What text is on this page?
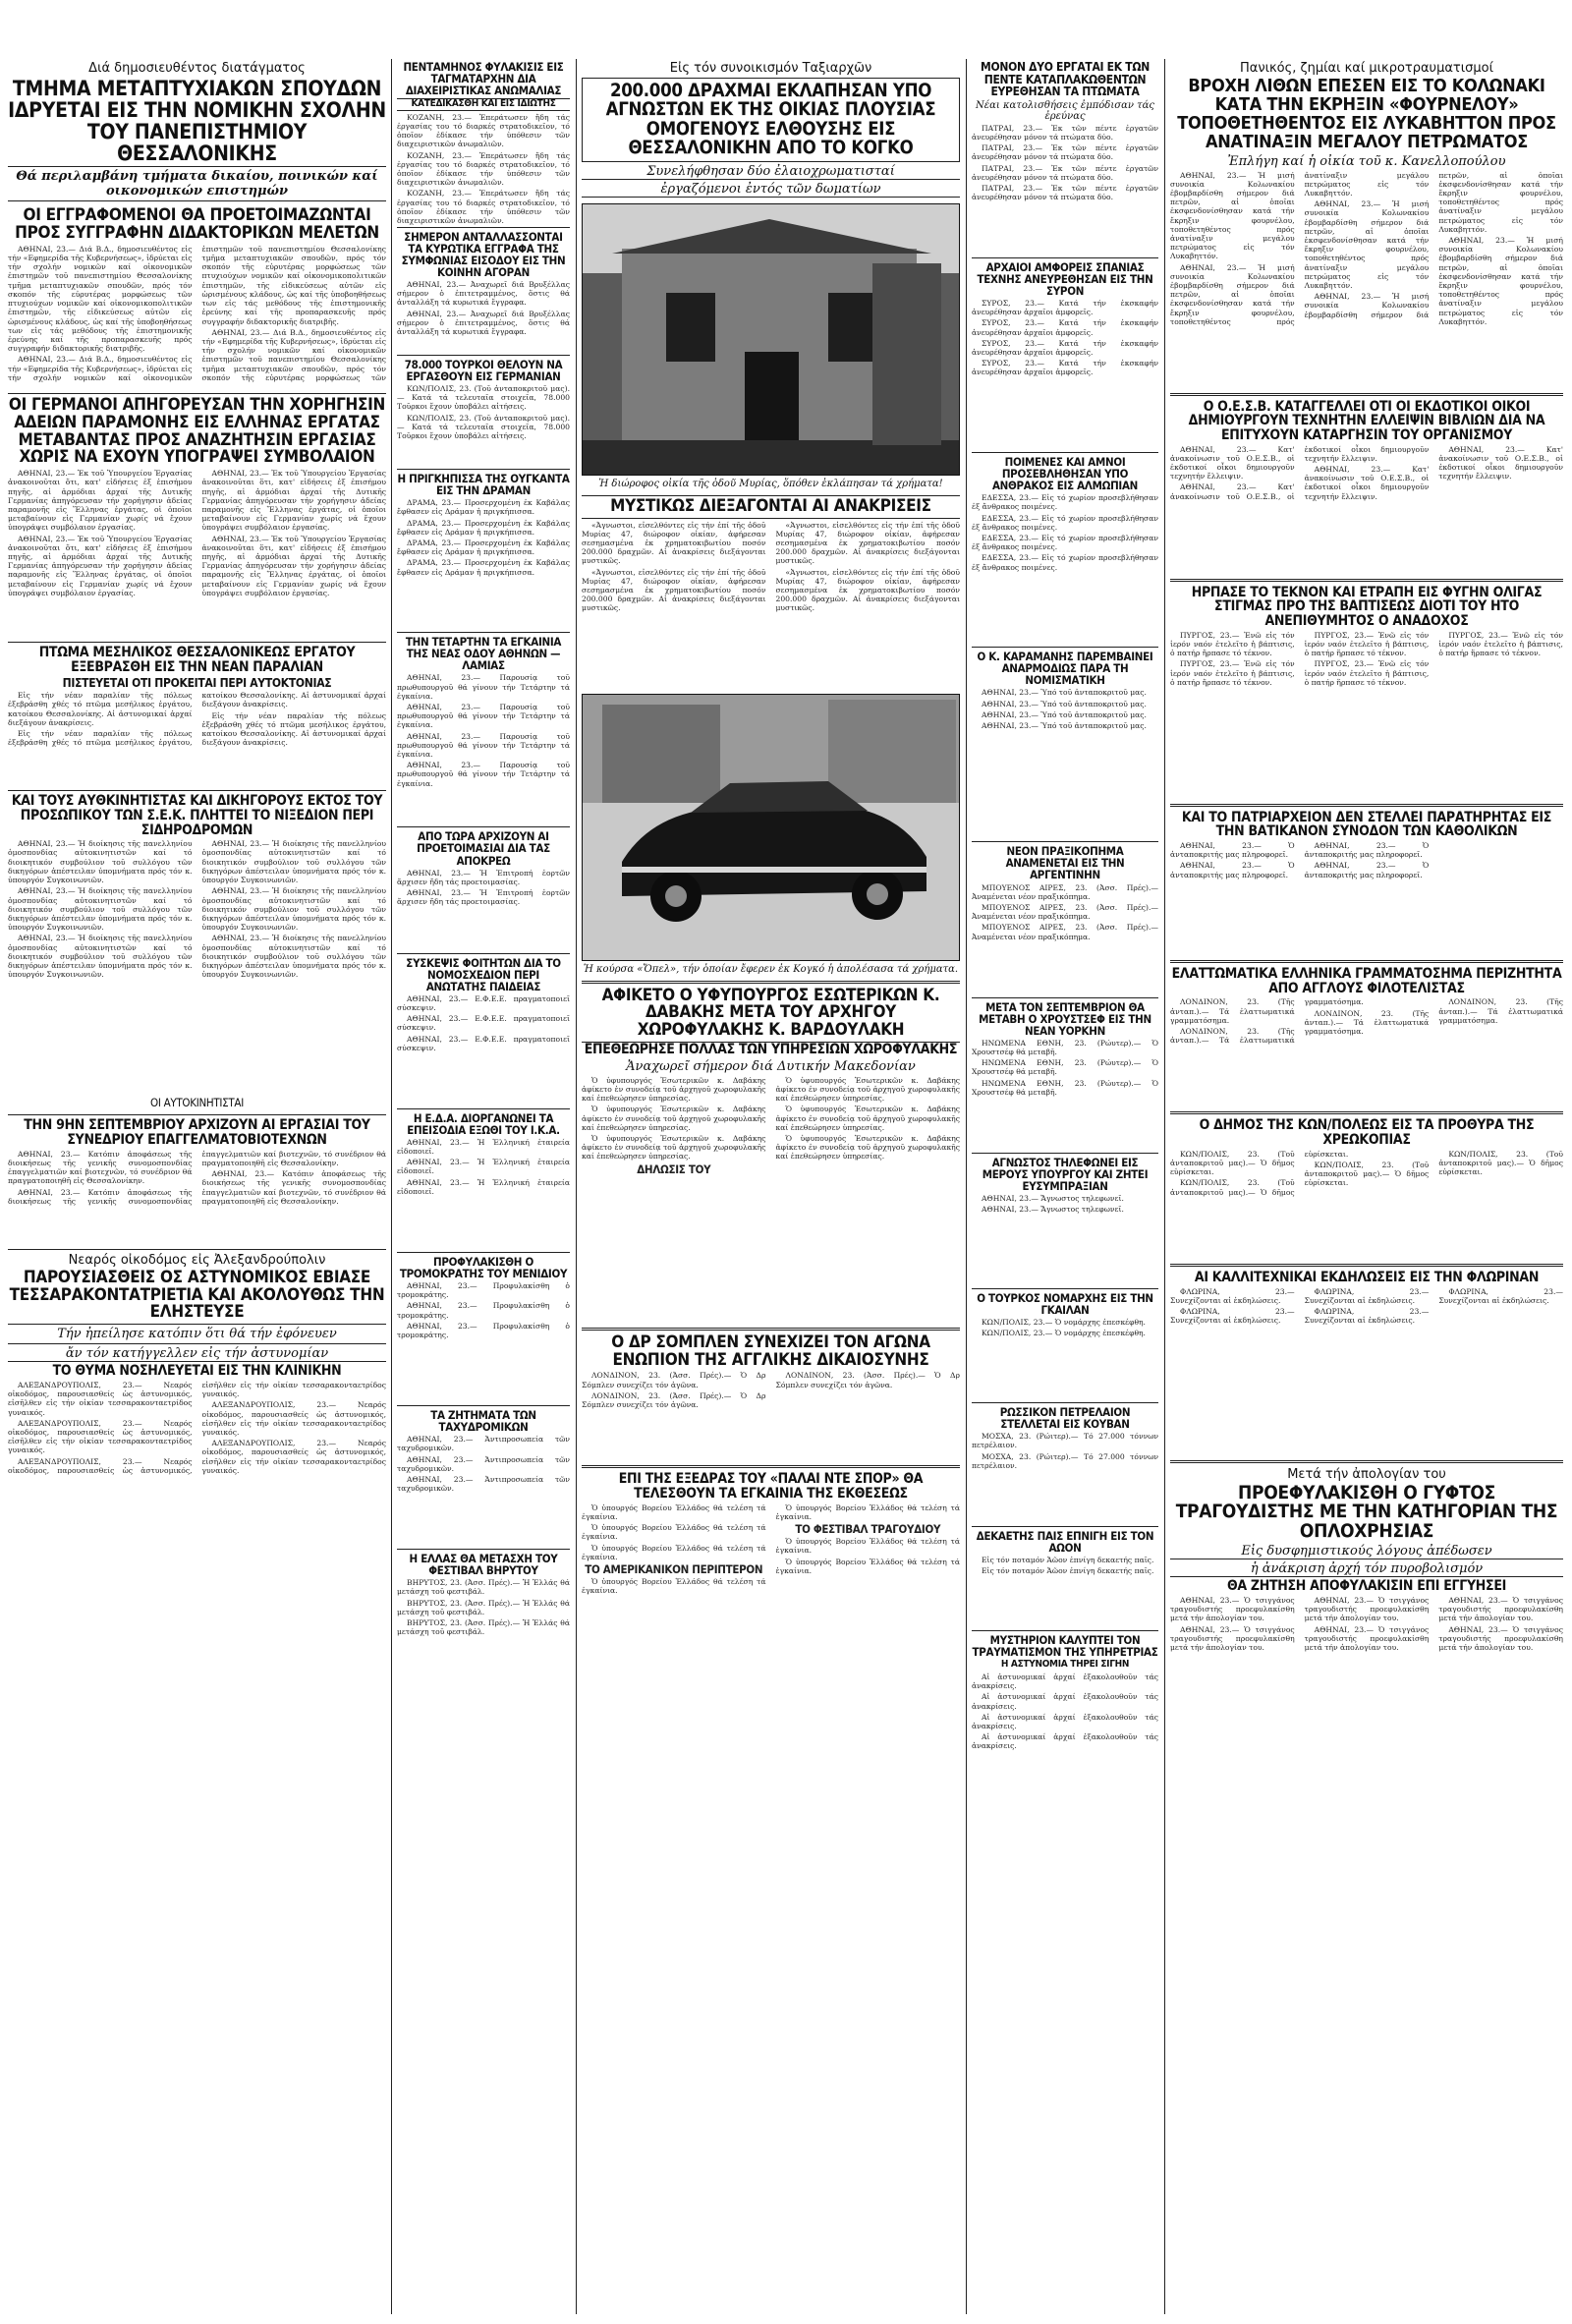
Διά δημοσιευθέντος διατάγματος
ΤΜΗΜΑ ΜΕΤΑΠΤΥΧΙΑΚΩΝ ΣΠΟΥΔΩΝ ΙΔΡΥΕΤΑΙ ΕΙΣ ΤΗΝ ΝΟΜΙΚΗΝ ΣΧΟΛΗΝ ΤΟΥ ΠΑΝΕΠΙΣΤΗΜΙΟΥ ΘΕΣΣΑΛΟΝΙΚΗΣ
Θά περιλαμβάνη τμήματα δικαίου, ποινικών καί οικονομικών επιστημών
ΟΙ ΕΓΓΡΑΦΟΜΕΝΟΙ ΘΑ ΠΡΟΕΤΟΙΜΑΖΩΝΤΑΙ ΠΡΟΣ ΣΥΓΓΡΑΦΗΝ ΔΙΔΑΚΤΟΡΙΚΩΝ ΜΕΛΕΤΩΝ

ΑΘΗΝΑΙ, 23.— Διά Β.Δ., δημοσιευθέντος εἰς τήν «Εφημερίδα τῆς Κυβερνήσεως», ἱδρύεται εἰς τήν σχολήν νομικῶν καί οἰκονομικῶν ἐπιστημῶν τοῦ πανεπιστημίου Θεσσαλονίκης τμῆμα μεταπτυχιακῶν σπουδῶν, πρός τόν σκοπόν τῆς εὐρυτέρας μορφώσεως τῶν πτυχιούχων νομικῶν καί οἰκονομικοπολιτικῶν ἐπιστημῶν, τῆς εἰδικεύσεως αὐτῶν εἰς ὡρισμένους κλάδους, ὡς καί τῆς ὑποβοηθήσεως των εἰς τάς μεθόδους τῆς ἐπιστημονικῆς ἐρεύνης καί τῆς προπαρασκευῆς πρός συγγραφήν διδακτορικῆς διατριβῆς.

ΑΘΗΝΑΙ, 23.— Διά Β.Δ., δημοσιευθέντος εἰς τήν «Εφημερίδα τῆς Κυβερνήσεως», ἱδρύεται εἰς τήν σχολήν νομικῶν καί οἰκονομικῶν ἐπιστημῶν τοῦ πανεπιστημίου Θεσσαλονίκης τμῆμα μεταπτυχιακῶν σπουδῶν, πρός τόν σκοπόν τῆς εὐρυτέρας μορφώσεως τῶν πτυχιούχων νομικῶν καί οἰκονομικοπολιτικῶν ἐπιστημῶν, τῆς εἰδικεύσεως αὐτῶν εἰς ὡρισμένους κλάδους, ὡς καί τῆς ὑποβοηθήσεως των εἰς τάς μεθόδους τῆς ἐπιστημονικῆς ἐρεύνης καί τῆς προπαρασκευῆς πρός συγγραφήν διδακτορικῆς διατριβῆς.

ΑΘΗΝΑΙ, 23.— Διά Β.Δ., δημοσιευθέντος εἰς τήν «Εφημερίδα τῆς Κυβερνήσεως», ἱδρύεται εἰς τήν σχολήν νομικῶν καί οἰκονομικῶν ἐπιστημῶν τοῦ πανεπιστημίου Θεσσαλονίκης τμῆμα μεταπτυχιακῶν σπουδῶν, πρός τόν σκοπόν τῆς εὐρυτέρας μορφώσεως τῶν

ΟΙ ΓΕΡΜΑΝΟΙ ΑΠΗΓΟΡΕΥΣΑΝ ΤΗΝ ΧΟΡΗΓΗΣΙΝ ΑΔΕΙΩΝ ΠΑΡΑΜΟΝΗΣ ΕΙΣ ΕΛΛΗΝΑΣ ΕΡΓΑΤΑΣ ΜΕΤΑΒΑΝΤΑΣ ΠΡΟΣ ΑΝΑΖΗΤΗΣΙΝ ΕΡΓΑΣΙΑΣ ΧΩΡΙΣ ΝΑ ΕΧΟΥΝ ΥΠΟΓΡΑΨΕΙ ΣΥΜΒΟΛΑΙΟΝ

ΑΘΗΝΑΙ, 23.— Ἐκ τοῦ Ὑπουργείου Ἐργασίας ἀνακοινοῦται ὅτι, κατ' εἰδήσεις ἐξ ἐπισήμου πηγῆς, αἱ ἁρμόδιαι ἀρχαί τῆς Δυτικῆς Γερμανίας ἀπηγόρευσαν τήν χορήγησιν ἀδείας παραμονῆς εἰς Ἕλληνας ἐργάτας, οἱ ὁποῖοι μεταβαίνουν εἰς Γερμανίαν χωρίς νά ἔχουν ὑπογράψει συμβόλαιον ἐργασίας.

ΑΘΗΝΑΙ, 23.— Ἐκ τοῦ Ὑπουργείου Ἐργασίας ἀνακοινοῦται ὅτι, κατ' εἰδήσεις ἐξ ἐπισήμου πηγῆς, αἱ ἁρμόδιαι ἀρχαί τῆς Δυτικῆς Γερμανίας ἀπηγόρευσαν τήν χορήγησιν ἀδείας παραμονῆς εἰς Ἕλληνας ἐργάτας, οἱ ὁποῖοι μεταβαίνουν εἰς Γερμανίαν χωρίς νά ἔχουν ὑπογράψει συμβόλαιον ἐργασίας.

ΑΘΗΝΑΙ, 23.— Ἐκ τοῦ Ὑπουργείου Ἐργασίας ἀνακοινοῦται ὅτι, κατ' εἰδήσεις ἐξ ἐπισήμου πηγῆς, αἱ ἁρμόδιαι ἀρχαί τῆς Δυτικῆς Γερμανίας ἀπηγόρευσαν τήν χορήγησιν ἀδείας παραμονῆς εἰς Ἕλληνας ἐργάτας, οἱ ὁποῖοι μεταβαίνουν εἰς Γερμανίαν χωρίς νά ἔχουν ὑπογράψει συμβόλαιον ἐργασίας.

ΑΘΗΝΑΙ, 23.— Ἐκ τοῦ Ὑπουργείου Ἐργασίας ἀνακοινοῦται ὅτι, κατ' εἰδήσεις ἐξ ἐπισήμου πηγῆς, αἱ ἁρμόδιαι ἀρχαί τῆς Δυτικῆς Γερμανίας ἀπηγόρευσαν τήν χορήγησιν ἀδείας παραμονῆς εἰς Ἕλληνας ἐργάτας, οἱ ὁποῖοι μεταβαίνουν εἰς Γερμανίαν χωρίς νά ἔχουν ὑπογράψει συμβόλαιον ἐργασίας.

ΠΤΩΜΑ ΜΕΣΗΛΙΚΟΣ ΘΕΣΣΑΛΟΝΙΚΕΩΣ ΕΡΓΑΤΟΥ ΕΞΕΒΡΑΣΘΗ ΕΙΣ ΤΗΝ ΝΕΑΝ ΠΑΡΑΛΙΑΝ
ΠΙΣΤΕΥΕΤΑΙ ΟΤΙ ΠΡΟΚΕΙΤΑΙ ΠΕΡΙ ΑΥΤΟΚΤΟΝΙΑΣ

Εἰς τήν νέαν παραλίαν τῆς πόλεως ἐξεβράσθη χθές τό πτῶμα μεσήλικος ἐργάτου, κατοίκου Θεσσαλονίκης. Αἱ ἀστυνομικαί ἀρχαί διεξάγουν ἀνακρίσεις.

Εἰς τήν νέαν παραλίαν τῆς πόλεως ἐξεβράσθη χθές τό πτῶμα μεσήλικος ἐργάτου, κατοίκου Θεσσαλονίκης. Αἱ ἀστυνομικαί ἀρχαί διεξάγουν ἀνακρίσεις.

Εἰς τήν νέαν παραλίαν τῆς πόλεως ἐξεβράσθη χθές τό πτῶμα μεσήλικος ἐργάτου, κατοίκου Θεσσαλονίκης. Αἱ ἀστυνομικαί ἀρχαί διεξάγουν ἀνακρίσεις.

ΚΑΙ ΤΟΥΣ ΑΥΘΚΙΝΗΤΙΣΤΑΣ ΚΑΙ ΔΙΚΗΓΟΡΟΥΣ ΕΚΤΟΣ ΤΟΥ ΠΡΟΣΩΠΙΚΟΥ ΤΩΝ Σ.Ε.Κ. ΠΛΗΤΤΕΙ ΤΟ ΝΙΞΕΔΙΟΝ ΠΕΡΙ ΣΙΔΗΡΟΔΡΟΜΩΝ

ΑΘΗΝΑΙ, 23.— Ἡ διοίκησις τῆς πανελληνίου ὁμοσπονδίας αὐτοκινητιστῶν καί τό διοικητικόν συμβούλιον τοῦ συλλόγου τῶν δικηγόρων ἀπέστειλαν ὑπομνήματα πρός τόν κ. ὑπουργόν Συγκοινωνιῶν.

ΑΘΗΝΑΙ, 23.— Ἡ διοίκησις τῆς πανελληνίου ὁμοσπονδίας αὐτοκινητιστῶν καί τό διοικητικόν συμβούλιον τοῦ συλλόγου τῶν δικηγόρων ἀπέστειλαν ὑπομνήματα πρός τόν κ. ὑπουργόν Συγκοινωνιῶν.

ΑΘΗΝΑΙ, 23.— Ἡ διοίκησις τῆς πανελληνίου ὁμοσπονδίας αὐτοκινητιστῶν καί τό διοικητικόν συμβούλιον τοῦ συλλόγου τῶν δικηγόρων ἀπέστειλαν ὑπομνήματα πρός τόν κ. ὑπουργόν Συγκοινωνιῶν.

ΑΘΗΝΑΙ, 23.— Ἡ διοίκησις τῆς πανελληνίου ὁμοσπονδίας αὐτοκινητιστῶν καί τό διοικητικόν συμβούλιον τοῦ συλλόγου τῶν δικηγόρων ἀπέστειλαν ὑπομνήματα πρός τόν κ. ὑπουργόν Συγκοινωνιῶν.

ΑΘΗΝΑΙ, 23.— Ἡ διοίκησις τῆς πανελληνίου ὁμοσπονδίας αὐτοκινητιστῶν καί τό διοικητικόν συμβούλιον τοῦ συλλόγου τῶν δικηγόρων ἀπέστειλαν ὑπομνήματα πρός τόν κ. ὑπουργόν Συγκοινωνιῶν.

ΑΘΗΝΑΙ, 23.— Ἡ διοίκησις τῆς πανελληνίου ὁμοσπονδίας αὐτοκινητιστῶν καί τό διοικητικόν συμβούλιον τοῦ συλλόγου τῶν δικηγόρων ἀπέστειλαν ὑπομνήματα πρός τόν κ. ὑπουργόν Συγκοινωνιῶν.

ΟΙ ΑΥΤΟΚΙΝΗΤΙΣΤΑΙ
ΤΗΝ 9ΗΝ ΣΕΠΤΕΜΒΡΙΟΥ ΑΡΧΙΖΟΥΝ ΑΙ ΕΡΓΑΣΙΑΙ ΤΟΥ ΣΥΝΕΔΡΙΟΥ ΕΠΑΓΓΕΛΜΑΤΟΒΙΟΤΕΧΝΩΝ

ΑΘΗΝΑΙ, 23.— Κατόπιν ἀποφάσεως τῆς διοικήσεως τῆς γενικῆς συνομοσπονδίας ἐπαγγελματιῶν καί βιοτεχνῶν, τό συνέδριον θά πραγματοποιηθῆ εἰς Θεσσαλονίκην.

ΑΘΗΝΑΙ, 23.— Κατόπιν ἀποφάσεως τῆς διοικήσεως τῆς γενικῆς συνομοσπονδίας ἐπαγγελματιῶν καί βιοτεχνῶν, τό συνέδριον θά πραγματοποιηθῆ εἰς Θεσσαλονίκην.

ΑΘΗΝΑΙ, 23.— Κατόπιν ἀποφάσεως τῆς διοικήσεως τῆς γενικῆς συνομοσπονδίας ἐπαγγελματιῶν καί βιοτεχνῶν, τό συνέδριον θά πραγματοποιηθῆ εἰς Θεσσαλονίκην.

Νεαρός οἰκοδόμος εἰς Ἀλεξανδρούπολιν
ΠΑΡΟΥΣΙΑΣΘΕΙΣ ΟΣ ΑΣΤΥΝΟΜΙΚΟΣ ΕΒΙΑΣΕ ΤΕΣΣΑΡΑΚΟΝΤΑΤΡΙΕΤΙΑ ΚΑΙ ΑΚΟΛΟΥΘΩΣ ΤΗΝ ΕΛΗΣΤΕΥΣΕ
Τήν ἠπείλησε κατόπιν ὅτι θά τήν ἐφόνευεν
ἄν τόν κατήγγελλεν εἰς τήν ἀστυνομίαν
ΤΟ ΘΥΜΑ ΝΟΣΗΛΕΥΕΤΑΙ ΕΙΣ ΤΗΝ ΚΛΙΝΙΚΗΝ

ΑΛΕΞΑΝΔΡΟΥΠΟΛΙΣ, 23.— Νεαρός οἰκοδόμος, παρουσιασθείς ὡς ἀστυνομικός, εἰσῆλθεν εἰς τήν οἰκίαν τεσσαρακονταετρίδος γυναικός.

ΑΛΕΞΑΝΔΡΟΥΠΟΛΙΣ, 23.— Νεαρός οἰκοδόμος, παρουσιασθείς ὡς ἀστυνομικός, εἰσῆλθεν εἰς τήν οἰκίαν τεσσαρακονταετρίδος γυναικός.

ΑΛΕΞΑΝΔΡΟΥΠΟΛΙΣ, 23.— Νεαρός οἰκοδόμος, παρουσιασθείς ὡς ἀστυνομικός, εἰσῆλθεν εἰς τήν οἰκίαν τεσσαρακονταετρίδος γυναικός.

ΑΛΕΞΑΝΔΡΟΥΠΟΛΙΣ, 23.— Νεαρός οἰκοδόμος, παρουσιασθείς ὡς ἀστυνομικός, εἰσῆλθεν εἰς τήν οἰκίαν τεσσαρακονταετρίδος γυναικός.

ΑΛΕΞΑΝΔΡΟΥΠΟΛΙΣ, 23.— Νεαρός οἰκοδόμος, παρουσιασθείς ὡς ἀστυνομικός, εἰσῆλθεν εἰς τήν οἰκίαν τεσσαρακονταετρίδος γυναικός.

ΠΕΝΤΑΜΗΝΟΣ ΦΥΛΑΚΙΣΙΣ ΕΙΣ ΤΑΓΜΑΤΑΡΧΗΝ ΔΙΑ ΔΙΑΧΕΙΡΙΣΤΙΚΑΣ ΑΝΩΜΑΛΙΑΣ
ΚΑΤΕΔΙΚΑΣΘΗ ΚΑΙ ΕΙΣ ΙΔΙΩΤΗΣ

ΚΟΖΑΝΗ, 23.— Ἐπεράτωσεν ἤδη τάς ἐργασίας του τό διαρκές στρατοδικεῖον, τό ὁποῖον ἐδίκασε τήν ὑπόθεσιν τῶν διαχειριστικῶν ἀνωμαλιῶν.

ΚΟΖΑΝΗ, 23.— Ἐπεράτωσεν ἤδη τάς ἐργασίας του τό διαρκές στρατοδικεῖον, τό ὁποῖον ἐδίκασε τήν ὑπόθεσιν τῶν διαχειριστικῶν ἀνωμαλιῶν.

ΚΟΖΑΝΗ, 23.— Ἐπεράτωσεν ἤδη τάς ἐργασίας του τό διαρκές στρατοδικεῖον, τό ὁποῖον ἐδίκασε τήν ὑπόθεσιν τῶν διαχειριστικῶν ἀνωμαλιῶν.

ΣΗΜΕΡΟΝ ΑΝΤΑΛΛΑΣΣΟΝΤΑΙ ΤΑ ΚΥΡΩΤΙΚΑ ΕΓΓΡΑΦΑ ΤΗΣ ΣΥΜΦΩΝΙΑΣ ΕΙΣΟΔΟΥ ΕΙΣ ΤΗΝ ΚΟΙΝΗΝ ΑΓΟΡΑΝ

ΑΘΗΝΑΙ, 23.— Ἀναχωρεῖ διά Βρυξέλλας σήμερον ὁ ἐπιτετραμμένος, ὅστις θά ἀνταλλάξη τά κυρωτικά ἔγγραφα.

ΑΘΗΝΑΙ, 23.— Ἀναχωρεῖ διά Βρυξέλλας σήμερον ὁ ἐπιτετραμμένος, ὅστις θά ἀνταλλάξη τά κυρωτικά ἔγγραφα.

78.000 ΤΟΥΡΚΟΙ ΘΕΛΟΥΝ ΝΑ ΕΡΓΑΣΘΟΥΝ ΕΙΣ ΓΕΡΜΑΝΙΑΝ

ΚΩΝ/ΠΟΛΙΣ, 23. (Τοῦ ἀνταποκριτοῦ μας).— Κατά τά τελευταῖα στοιχεῖα, 78.000 Τοῦρκοι ἔχουν ὑποβάλει αἰτήσεις.

ΚΩΝ/ΠΟΛΙΣ, 23. (Τοῦ ἀνταποκριτοῦ μας).— Κατά τά τελευταῖα στοιχεῖα, 78.000 Τοῦρκοι ἔχουν ὑποβάλει αἰτήσεις.

Η ΠΡΙΓΚΗΠΙΣΣΑ ΤΗΣ ΟΥΓΚΑΝΤΑ ΕΙΣ ΤΗΝ ΔΡΑΜΑΝ

ΔΡΑΜΑ, 23.— Προσερχομένη ἐκ Καβάλας ἔφθασεν εἰς Δράμαν ἡ πριγκήπισσα.

ΔΡΑΜΑ, 23.— Προσερχομένη ἐκ Καβάλας ἔφθασεν εἰς Δράμαν ἡ πριγκήπισσα.

ΔΡΑΜΑ, 23.— Προσερχομένη ἐκ Καβάλας ἔφθασεν εἰς Δράμαν ἡ πριγκήπισσα.

ΔΡΑΜΑ, 23.— Προσερχομένη ἐκ Καβάλας ἔφθασεν εἰς Δράμαν ἡ πριγκήπισσα.

ΤΗΝ ΤΕΤΑΡΤΗΝ ΤΑ ΕΓΚΑΙΝΙΑ ΤΗΣ ΝΕΑΣ ΟΔΟΥ ΑΘΗΝΩΝ — ΛΑΜΙΑΣ

ΑΘΗΝΑΙ, 23.— Παρουσίᾳ τοῦ πρωθυπουργοῦ θά γίνουν τήν Τετάρτην τά ἐγκαίνια.

ΑΘΗΝΑΙ, 23.— Παρουσίᾳ τοῦ πρωθυπουργοῦ θά γίνουν τήν Τετάρτην τά ἐγκαίνια.

ΑΘΗΝΑΙ, 23.— Παρουσίᾳ τοῦ πρωθυπουργοῦ θά γίνουν τήν Τετάρτην τά ἐγκαίνια.

ΑΘΗΝΑΙ, 23.— Παρουσίᾳ τοῦ πρωθυπουργοῦ θά γίνουν τήν Τετάρτην τά ἐγκαίνια.

ΑΠΟ ΤΩΡΑ ΑΡΧΙΖΟΥΝ ΑΙ ΠΡΟΕΤΟΙΜΑΣΙΑΙ ΔΙΑ ΤΑΣ ΑΠΟΚΡΕΩ

ΑΘΗΝΑΙ, 23.— Ἡ Ἐπιτροπή ἑορτῶν ἄρχισεν ἤδη τάς προετοιμασίας.

ΑΘΗΝΑΙ, 23.— Ἡ Ἐπιτροπή ἑορτῶν ἄρχισεν ἤδη τάς προετοιμασίας.

ΣΥΣΚΕΨΙΣ ΦΟΙΤΗΤΩΝ ΔΙΑ ΤΟ ΝΟΜΟΣΧΕΔΙΟΝ ΠΕΡΙ ΑΝΩΤΑΤΗΣ ΠΑΙΔΕΙΑΣ

ΑΘΗΝΑΙ, 23.— Ε.Φ.Ε.Ε. πραγματοποιεῖ σύσκεψιν.

ΑΘΗΝΑΙ, 23.— Ε.Φ.Ε.Ε. πραγματοποιεῖ σύσκεψιν.

ΑΘΗΝΑΙ, 23.— Ε.Φ.Ε.Ε. πραγματοποιεῖ σύσκεψιν.

Η Ε.Δ.Α. ΔΙΟΡΓΑΝΩΝΕΙ ΤΑ ΕΠΕΙΣΟΔΙΑ ΕΞΩΘΙ ΤΟΥ Ι.Κ.Α.

ΑΘΗΝΑΙ, 23.— Ἡ Ἑλληνική ἑταιρεία εἰδοποιεῖ.

ΑΘΗΝΑΙ, 23.— Ἡ Ἑλληνική ἑταιρεία εἰδοποιεῖ.

ΑΘΗΝΑΙ, 23.— Ἡ Ἑλληνική ἑταιρεία εἰδοποιεῖ.

ΠΡΟΦΥΛΑΚΙΣΘΗ Ο ΤΡΟΜΟΚΡΑΤΗΣ ΤΟΥ ΜΕΝΙΔΙΟΥ

ΑΘΗΝΑΙ, 23.— Προφυλακίσθη ὁ τρομοκράτης.

ΑΘΗΝΑΙ, 23.— Προφυλακίσθη ὁ τρομοκράτης.

ΑΘΗΝΑΙ, 23.— Προφυλακίσθη ὁ τρομοκράτης.

ΤΑ ΖΗΤΗΜΑΤΑ ΤΩΝ ΤΑΧΥΔΡΟΜΙΚΩΝ

ΑΘΗΝΑΙ, 23.— Ἀντιπροσωπεία τῶν ταχυδρομικῶν.

ΑΘΗΝΑΙ, 23.— Ἀντιπροσωπεία τῶν ταχυδρομικῶν.

ΑΘΗΝΑΙ, 23.— Ἀντιπροσωπεία τῶν ταχυδρομικῶν.

Η ΕΛΛΑΣ ΘΑ ΜΕΤΑΣΧΗ ΤΟΥ ΦΕΣΤΙΒΑΛ ΒΗΡΥΤΟΥ

ΒΗΡΥΤΟΣ, 23. (Ἀσσ. Πρές).— Ἡ Ἑλλάς θά μετάσχη τοῦ φεστιβάλ.

ΒΗΡΥΤΟΣ, 23. (Ἀσσ. Πρές).— Ἡ Ἑλλάς θά μετάσχη τοῦ φεστιβάλ.

ΒΗΡΥΤΟΣ, 23. (Ἀσσ. Πρές).— Ἡ Ἑλλάς θά μετάσχη τοῦ φεστιβάλ.

Εἰς τόν συνοικισμόν Ταξιαρχῶν
200.000 ΔΡΑΧΜΑΙ ΕΚΛΑΠΗΣΑΝ ΥΠΟ ΑΓΝΩΣΤΩΝ ΕΚ ΤΗΣ ΟΙΚΙΑΣ ΠΛΟΥΣΙΑΣ ΟΜΟΓΕΝΟΥΣ ΕΛΘΟΥΣΗΣ ΕΙΣ ΘΕΣΣΑΛΟΝΙΚΗΝ ΑΠΟ ΤΟ ΚΟΓΚΟ
Συνελήφθησαν δύο ἐλαιοχρωματισταί
ἐργαζόμενοι ἐντός τῶν δωματίων
Ἡ διώροφος οἰκία τῆς ὁδοῦ Μυρίας, ὅπόθεν ἐκλάπησαν τά χρήματα!
ΜΥΣΤΙΚΩΣ ΔΙΕΞΑΓΟΝΤΑΙ ΑΙ ΑΝΑΚΡΙΣΕΙΣ

«Ἀγνωστοι, εἰσελθόντες εἰς τήν ἐπί τῆς ὁδοῦ Μυρίας 47, διώροφον οἰκίαν, ἀφήρεσαν σεσημασμένα ἐκ χρηματοκιβωτίου ποσόν 200.000 δραχμῶν. Αἱ ἀνακρίσεις διεξάγονται μυστικῶς.

«Ἀγνωστοι, εἰσελθόντες εἰς τήν ἐπί τῆς ὁδοῦ Μυρίας 47, διώροφον οἰκίαν, ἀφήρεσαν σεσημασμένα ἐκ χρηματοκιβωτίου ποσόν 200.000 δραχμῶν. Αἱ ἀνακρίσεις διεξάγονται μυστικῶς.

«Ἀγνωστοι, εἰσελθόντες εἰς τήν ἐπί τῆς ὁδοῦ Μυρίας 47, διώροφον οἰκίαν, ἀφήρεσαν σεσημασμένα ἐκ χρηματοκιβωτίου ποσόν 200.000 δραχμῶν. Αἱ ἀνακρίσεις διεξάγονται μυστικῶς.

«Ἀγνωστοι, εἰσελθόντες εἰς τήν ἐπί τῆς ὁδοῦ Μυρίας 47, διώροφον οἰκίαν, ἀφήρεσαν σεσημασμένα ἐκ χρηματοκιβωτίου ποσόν 200.000 δραχμῶν. Αἱ ἀνακρίσεις διεξάγονται μυστικῶς.

Ἡ κούρσα «Ὄπελ», τήν ὁποίαν ἔφερεν ἐκ Κογκό ἡ ἀπολέσασα τά χρήματα.
ΑΦΙΚΕΤΟ Ο ΥΦΥΠΟΥΡΓΟΣ ΕΣΩΤΕΡΙΚΩΝ Κ. ΔΑΒΑΚΗΣ ΜΕΤΑ ΤΟΥ ΑΡΧΗΓΟΥ ΧΩΡΟΦΥΛΑΚΗΣ Κ. ΒΑΡΔΟΥΛΑΚΗ
ΕΠΕΘΕΩΡΗΣΕ ΠΟΛΛΑΣ ΤΩΝ ΥΠΗΡΕΣΙΩΝ ΧΩΡΟΦΥΛΑΚΗΣ
Ἀναχωρεῖ σήμερον διά Δυτικήν Μακεδονίαν

Ὁ ὑφυπουργός Ἐσωτερικῶν κ. Δαβάκης ἀφίκετο ἐν συνοδείᾳ τοῦ ἀρχηγοῦ χωροφυλακῆς καί ἐπεθεώρησεν ὑπηρεσίας.

Ὁ ὑφυπουργός Ἐσωτερικῶν κ. Δαβάκης ἀφίκετο ἐν συνοδείᾳ τοῦ ἀρχηγοῦ χωροφυλακῆς καί ἐπεθεώρησεν ὑπηρεσίας.

Ὁ ὑφυπουργός Ἐσωτερικῶν κ. Δαβάκης ἀφίκετο ἐν συνοδείᾳ τοῦ ἀρχηγοῦ χωροφυλακῆς καί ἐπεθεώρησεν ὑπηρεσίας.

ΔΗΛΩΣΙΣ ΤΟΥ

Ὁ ὑφυπουργός Ἐσωτερικῶν κ. Δαβάκης ἀφίκετο ἐν συνοδείᾳ τοῦ ἀρχηγοῦ χωροφυλακῆς καί ἐπεθεώρησεν ὑπηρεσίας.

Ὁ ὑφυπουργός Ἐσωτερικῶν κ. Δαβάκης ἀφίκετο ἐν συνοδείᾳ τοῦ ἀρχηγοῦ χωροφυλακῆς καί ἐπεθεώρησεν ὑπηρεσίας.

Ὁ ὑφυπουργός Ἐσωτερικῶν κ. Δαβάκης ἀφίκετο ἐν συνοδείᾳ τοῦ ἀρχηγοῦ χωροφυλακῆς καί ἐπεθεώρησεν ὑπηρεσίας.

Ο ΔΡ ΣΟΜΠΛΕΝ ΣΥΝΕΧΙΖΕΙ ΤΟΝ ΑΓΩΝΑ ΕΝΩΠΙΟΝ ΤΗΣ ΑΓΓΛΙΚΗΣ ΔΙΚΑΙΟΣΥΝΗΣ

ΛΟΝΔΙΝΟΝ, 23. (Ἀσσ. Πρές).— Ὁ Δρ Σόμπλεν συνεχίζει τόν ἀγῶνα.

ΛΟΝΔΙΝΟΝ, 23. (Ἀσσ. Πρές).— Ὁ Δρ Σόμπλεν συνεχίζει τόν ἀγῶνα.

ΛΟΝΔΙΝΟΝ, 23. (Ἀσσ. Πρές).— Ὁ Δρ Σόμπλεν συνεχίζει τόν ἀγῶνα.

ΕΠΙ ΤΗΣ ΕΞΕΔΡΑΣ ΤΟΥ «ΠΑΛΑΙ ΝΤΕ ΣΠΟΡ» ΘΑ ΤΕΛΕΣΘΟΥΝ ΤΑ ΕΓΚΑΙΝΙΑ ΤΗΣ ΕΚΘΕΣΕΩΣ

Ὁ ὑπουργός Βορείου Ἑλλάδος θά τελέση τά ἐγκαίνια.

Ὁ ὑπουργός Βορείου Ἑλλάδος θά τελέση τά ἐγκαίνια.

Ὁ ὑπουργός Βορείου Ἑλλάδος θά τελέση τά ἐγκαίνια.

ΤΟ ΑΜΕΡΙΚΑΝΙΚΟΝ ΠΕΡΙΠΤΕΡΟΝ

Ὁ ὑπουργός Βορείου Ἑλλάδος θά τελέση τά ἐγκαίνια.

Ὁ ὑπουργός Βορείου Ἑλλάδος θά τελέση τά ἐγκαίνια.

ΤΟ ΦΕΣΤΙΒΑΛ ΤΡΑΓΟΥΔΙΟΥ

Ὁ ὑπουργός Βορείου Ἑλλάδος θά τελέση τά ἐγκαίνια.

Ὁ ὑπουργός Βορείου Ἑλλάδος θά τελέση τά ἐγκαίνια.

ΜΟΝΟΝ ΔΥΟ ΕΡΓΑΤΑΙ ΕΚ ΤΩΝ ΠΕΝΤΕ ΚΑΤΑΠΛΑΚΩΘΕΝΤΩΝ ΕΥΡΕΘΗΣΑΝ ΤΑ ΠΤΩΜΑΤΑ
Νέαι κατολισθήσεις ἐμπόδισαν τάς ἐρεύνας

ΠΑΤΡΑΙ, 23.— Ἐκ τῶν πέντε ἐργατῶν ἀνευρέθησαν μόνον τά πτώματα δύο.

ΠΑΤΡΑΙ, 23.— Ἐκ τῶν πέντε ἐργατῶν ἀνευρέθησαν μόνον τά πτώματα δύο.

ΠΑΤΡΑΙ, 23.— Ἐκ τῶν πέντε ἐργατῶν ἀνευρέθησαν μόνον τά πτώματα δύο.

ΠΑΤΡΑΙ, 23.— Ἐκ τῶν πέντε ἐργατῶν ἀνευρέθησαν μόνον τά πτώματα δύο.

ΑΡΧΑΙΟΙ ΑΜΦΟΡΕΙΣ ΣΠΑΝΙΑΣ ΤΕΧΝΗΣ ΑΝΕΥΡΕΘΗΣΑΝ ΕΙΣ ΤΗΝ ΣΥΡΟΝ

ΣΥΡΟΣ, 23.— Κατά τήν ἐκσκαφήν ἀνευρέθησαν ἀρχαῖοι ἀμφορεῖς.

ΣΥΡΟΣ, 23.— Κατά τήν ἐκσκαφήν ἀνευρέθησαν ἀρχαῖοι ἀμφορεῖς.

ΣΥΡΟΣ, 23.— Κατά τήν ἐκσκαφήν ἀνευρέθησαν ἀρχαῖοι ἀμφορεῖς.

ΣΥΡΟΣ, 23.— Κατά τήν ἐκσκαφήν ἀνευρέθησαν ἀρχαῖοι ἀμφορεῖς.

ΠΟΙΜΕΝΕΣ ΚΑΙ ΑΜΝΟΙ ΠΡΟΣΕΒΛΗΘΗΣΑΝ ΥΠΟ ΑΝΘΡΑΚΟΣ ΕΙΣ ΑΛΜΩΠΙΑΝ

ΕΔΕΣΣΑ, 23.— Εἰς τό χωρίον προσεβλήθησαν ἐξ ἄνθρακος ποιμένες.

ΕΔΕΣΣΑ, 23.— Εἰς τό χωρίον προσεβλήθησαν ἐξ ἄνθρακος ποιμένες.

ΕΔΕΣΣΑ, 23.— Εἰς τό χωρίον προσεβλήθησαν ἐξ ἄνθρακος ποιμένες.

ΕΔΕΣΣΑ, 23.— Εἰς τό χωρίον προσεβλήθησαν ἐξ ἄνθρακος ποιμένες.

Ο Κ. ΚΑΡΑΜΑΝΗΣ ΠΑΡΕΜΒΑΙΝΕΙ ΑΝΑΡΜΟΔΙΩΣ ΠΑΡΑ ΤΗ ΝΟΜΙΣΜΑΤΙΚΗ

ΑΘΗΝΑΙ, 23.— Ὑπό τοῦ ἀνταποκριτοῦ μας.

ΑΘΗΝΑΙ, 23.— Ὑπό τοῦ ἀνταποκριτοῦ μας.

ΑΘΗΝΑΙ, 23.— Ὑπό τοῦ ἀνταποκριτοῦ μας.

ΑΘΗΝΑΙ, 23.— Ὑπό τοῦ ἀνταποκριτοῦ μας.

ΝΕΟΝ ΠΡΑΞΙΚΟΠΗΜΑ ΑΝΑΜΕΝΕΤΑΙ ΕΙΣ ΤΗΝ ΑΡΓΕΝΤΙΝΗΝ

ΜΠΟΥΕΝΟΣ ΑΙΡΕΣ, 23. (Ἀσσ. Πρές).— Ἀναμένεται νέον πραξικόπημα.

ΜΠΟΥΕΝΟΣ ΑΙΡΕΣ, 23. (Ἀσσ. Πρές).— Ἀναμένεται νέον πραξικόπημα.

ΜΠΟΥΕΝΟΣ ΑΙΡΕΣ, 23. (Ἀσσ. Πρές).— Ἀναμένεται νέον πραξικόπημα.

ΜΕΤΑ ΤΟΝ ΣΕΠΤΕΜΒΡΙΟΝ ΘΑ ΜΕΤΑΒΗ Ο ΧΡΟΥΣΤΣΕΦ ΕΙΣ ΤΗΝ ΝΕΑΝ ΥΟΡΚΗΝ

ΗΝΩΜΕΝΑ ΕΘΝΗ, 23. (Ρώυτερ).— Ὁ Χρουστσέφ θά μεταβῆ.

ΗΝΩΜΕΝΑ ΕΘΝΗ, 23. (Ρώυτερ).— Ὁ Χρουστσέφ θά μεταβῆ.

ΗΝΩΜΕΝΑ ΕΘΝΗ, 23. (Ρώυτερ).— Ὁ Χρουστσέφ θά μεταβῆ.

ΑΓΝΩΣΤΟΣ ΤΗΛΕΦΩΝΕΙ ΕΙΣ ΜΕΡΟΥΣ ΥΠΟΥΡΓΟΥ ΚΑΙ ΖΗΤΕΙ ΕΥΣΥΜΠΡΑΞΙΑΝ

ΑΘΗΝΑΙ, 23.— Ἄγνωστος τηλεφωνεῖ.

ΑΘΗΝΑΙ, 23.— Ἄγνωστος τηλεφωνεῖ.

Ο ΤΟΥΡΚΟΣ ΝΟΜΑΡΧΗΣ ΕΙΣ ΤΗΝ ΓΚΑΙΛΑΝ

ΚΩΝ/ΠΟΛΙΣ, 23.— Ὁ νομάρχης ἐπεσκέφθη.

ΚΩΝ/ΠΟΛΙΣ, 23.— Ὁ νομάρχης ἐπεσκέφθη.

ΡΩΣΣΙΚΟΝ ΠΕΤΡΕΛΑΙΟΝ ΣΤΕΛΛΕΤΑΙ ΕΙΣ ΚΟΥΒΑΝ

ΜΟΣΧΑ, 23. (Ρώιτερ).— Τό 27.000 τόννων πετρέλαιον.

ΜΟΣΧΑ, 23. (Ρώιτερ).— Τό 27.000 τόννων πετρέλαιον.

ΔΕΚΑΕΤΗΣ ΠΑΙΣ ΕΠΝΙΓΗ ΕΙΣ ΤΟΝ ΑΩΟΝ

Εἰς τόν ποταμόν Ἀῶον ἐπνίγη δεκαετής παῖς.

Εἰς τόν ποταμόν Ἀῶον ἐπνίγη δεκαετής παῖς.

ΜΥΣΤΗΡΙΟΝ ΚΑΛΥΠΤΕΙ ΤΟΝ ΤΡΑΥΜΑΤΙΣΜΟΝ ΤΗΣ ΥΠΗΡΕΤΡΙΑΣ
Η ΑΣΤΥΝΟΜΙΑ ΤΗΡΕΙ ΣΙΓΗΝ

Αἱ ἀστυνομικαί ἀρχαί ἐξακολουθοῦν τάς ἀνακρίσεις.

Αἱ ἀστυνομικαί ἀρχαί ἐξακολουθοῦν τάς ἀνακρίσεις.

Αἱ ἀστυνομικαί ἀρχαί ἐξακολουθοῦν τάς ἀνακρίσεις.

Αἱ ἀστυνομικαί ἀρχαί ἐξακολουθοῦν τάς ἀνακρίσεις.

Πανικός, ζημίαι καί μικροτραυματισμοί
ΒΡΟΧΗ ΛΙΘΩΝ ΕΠΕΣΕΝ ΕΙΣ ΤΟ ΚΟΛΩΝΑΚΙ ΚΑΤΑ ΤΗΝ ΕΚΡΗΞΙΝ «ΦΟΥΡΝΕΛΟΥ» ΤΟΠΟΘΕΤΗΘΕΝΤΟΣ ΕΙΣ ΛΥΚΑΒΗΤΤΟΝ ΠΡΟΣ ΑΝΑΤΙΝΑΞΙΝ ΜΕΓΑΛΟΥ ΠΕΤΡΩΜΑΤΟΣ
Ἐπλήγη καί ἡ οἰκία τοῦ κ. Κανελλοπούλου

ΑΘΗΝΑΙ, 23.— Ἡ μισή συνοικία Κολωνακίου ἐβομβαρδίσθη σήμερον διά πετρῶν, αἱ ὁποῖαι ἐκσφενδονίσθησαν κατά τήν ἔκρηξιν φουρνέλου, τοποθετηθέντος πρός ἀνατίναξιν μεγάλου πετρώματος εἰς τόν Λυκαβηττόν.

ΑΘΗΝΑΙ, 23.— Ἡ μισή συνοικία Κολωνακίου ἐβομβαρδίσθη σήμερον διά πετρῶν, αἱ ὁποῖαι ἐκσφενδονίσθησαν κατά τήν ἔκρηξιν φουρνέλου, τοποθετηθέντος πρός ἀνατίναξιν μεγάλου πετρώματος εἰς τόν Λυκαβηττόν.

ΑΘΗΝΑΙ, 23.— Ἡ μισή συνοικία Κολωνακίου ἐβομβαρδίσθη σήμερον διά πετρῶν, αἱ ὁποῖαι ἐκσφενδονίσθησαν κατά τήν ἔκρηξιν φουρνέλου, τοποθετηθέντος πρός ἀνατίναξιν μεγάλου πετρώματος εἰς τόν Λυκαβηττόν.

ΑΘΗΝΑΙ, 23.— Ἡ μισή συνοικία Κολωνακίου ἐβομβαρδίσθη σήμερον διά πετρῶν, αἱ ὁποῖαι ἐκσφενδονίσθησαν κατά τήν ἔκρηξιν φουρνέλου, τοποθετηθέντος πρός ἀνατίναξιν μεγάλου πετρώματος εἰς τόν Λυκαβηττόν.

ΑΘΗΝΑΙ, 23.— Ἡ μισή συνοικία Κολωνακίου ἐβομβαρδίσθη σήμερον διά πετρῶν, αἱ ὁποῖαι ἐκσφενδονίσθησαν κατά τήν ἔκρηξιν φουρνέλου, τοποθετηθέντος πρός ἀνατίναξιν μεγάλου πετρώματος εἰς τόν Λυκαβηττόν.

Ο Ο.Ε.Σ.Β. ΚΑΤΑΓΓΕΛΛΕΙ ΟΤΙ ΟΙ ΕΚΔΟΤΙΚΟΙ ΟΙΚΟΙ ΔΗΜΙΟΥΡΓΟΥΝ ΤΕΧΝΗΤΗΝ ΕΛΛΕΙΨΙΝ ΒΙΒΛΙΩΝ ΔΙΑ ΝΑ ΕΠΙΤΥΧΟΥΝ ΚΑΤΑΡΓΗΣΙΝ ΤΟΥ ΟΡΓΑΝΙΣΜΟΥ

ΑΘΗΝΑΙ, 23.— Κατ' ἀνακοίνωσιν τοῦ Ο.Ε.Σ.Β., οἱ ἐκδοτικοί οἶκοι δημιουργοῦν τεχνητήν ἔλλειψιν.

ΑΘΗΝΑΙ, 23.— Κατ' ἀνακοίνωσιν τοῦ Ο.Ε.Σ.Β., οἱ ἐκδοτικοί οἶκοι δημιουργοῦν τεχνητήν ἔλλειψιν.

ΑΘΗΝΑΙ, 23.— Κατ' ἀνακοίνωσιν τοῦ Ο.Ε.Σ.Β., οἱ ἐκδοτικοί οἶκοι δημιουργοῦν τεχνητήν ἔλλειψιν.

ΑΘΗΝΑΙ, 23.— Κατ' ἀνακοίνωσιν τοῦ Ο.Ε.Σ.Β., οἱ ἐκδοτικοί οἶκοι δημιουργοῦν τεχνητήν ἔλλειψιν.

ΗΡΠΑΣΕ ΤΟ ΤΕΚΝΟΝ ΚΑΙ ΕΤΡΑΠΗ ΕΙΣ ΦΥΓΗΝ ΟΛΙΓΑΣ ΣΤΙΓΜΑΣ ΠΡΟ ΤΗΣ ΒΑΠΤΙΣΕΩΣ ΔΙΟΤΙ ΤΟΥ ΗΤΟ ΑΝΕΠΙΘΥΜΗΤΟΣ Ο ΑΝΑΔΟΧΟΣ

ΠΥΡΓΟΣ, 23.— Ἐνῶ εἰς τόν ἱερόν ναόν ἐτελεῖτο ἡ βάπτισις, ὁ πατήρ ἥρπασε τό τέκνον.

ΠΥΡΓΟΣ, 23.— Ἐνῶ εἰς τόν ἱερόν ναόν ἐτελεῖτο ἡ βάπτισις, ὁ πατήρ ἥρπασε τό τέκνον.

ΠΥΡΓΟΣ, 23.— Ἐνῶ εἰς τόν ἱερόν ναόν ἐτελεῖτο ἡ βάπτισις, ὁ πατήρ ἥρπασε τό τέκνον.

ΠΥΡΓΟΣ, 23.— Ἐνῶ εἰς τόν ἱερόν ναόν ἐτελεῖτο ἡ βάπτισις, ὁ πατήρ ἥρπασε τό τέκνον.

ΠΥΡΓΟΣ, 23.— Ἐνῶ εἰς τόν ἱερόν ναόν ἐτελεῖτο ἡ βάπτισις, ὁ πατήρ ἥρπασε τό τέκνον.

ΚΑΙ ΤΟ ΠΑΤΡΙΑΡΧΕΙΟΝ ΔΕΝ ΣΤΕΛΛΕΙ ΠΑΡΑΤΗΡΗΤΑΣ ΕΙΣ ΤΗΝ ΒΑΤΙΚΑΝΟΝ ΣΥΝΟΔΟΝ ΤΩΝ ΚΑΘΟΛΙΚΩΝ

ΑΘΗΝΑΙ, 23.— Ὁ ἀνταποκριτής μας πληροφορεῖ.

ΑΘΗΝΑΙ, 23.— Ὁ ἀνταποκριτής μας πληροφορεῖ.

ΑΘΗΝΑΙ, 23.— Ὁ ἀνταποκριτής μας πληροφορεῖ.

ΑΘΗΝΑΙ, 23.— Ὁ ἀνταποκριτής μας πληροφορεῖ.

ΕΛΑΤΤΩΜΑΤΙΚΑ ΕΛΛΗΝΙΚΑ ΓΡΑΜΜΑΤΟΣΗΜΑ ΠΕΡΙΖΗΤΗΤΑ ΑΠΟ ΑΓΓΛΟΥΣ ΦΙΛΟΤΕΛΙΣΤΑΣ

ΛΟΝΔΙΝΟΝ, 23. (Τῆς ἀνταπ.).— Τά ἐλαττωματικά γραμματόσημα.

ΛΟΝΔΙΝΟΝ, 23. (Τῆς ἀνταπ.).— Τά ἐλαττωματικά γραμματόσημα.

ΛΟΝΔΙΝΟΝ, 23. (Τῆς ἀνταπ.).— Τά ἐλαττωματικά γραμματόσημα.

ΛΟΝΔΙΝΟΝ, 23. (Τῆς ἀνταπ.).— Τά ἐλαττωματικά γραμματόσημα.

Ο ΔΗΜΟΣ ΤΗΣ ΚΩΝ/ΠΟΛΕΩΣ ΕΙΣ ΤΑ ΠΡΟΘΥΡΑ ΤΗΣ ΧΡΕΩΚΟΠΙΑΣ

ΚΩΝ/ΠΟΛΙΣ, 23. (Τοῦ ἀνταποκριτοῦ μας).— Ὁ δῆμος εὑρίσκεται.

ΚΩΝ/ΠΟΛΙΣ, 23. (Τοῦ ἀνταποκριτοῦ μας).— Ὁ δῆμος εὑρίσκεται.

ΚΩΝ/ΠΟΛΙΣ, 23. (Τοῦ ἀνταποκριτοῦ μας).— Ὁ δῆμος εὑρίσκεται.

ΚΩΝ/ΠΟΛΙΣ, 23. (Τοῦ ἀνταποκριτοῦ μας).— Ὁ δῆμος εὑρίσκεται.

ΑΙ ΚΑΛΛΙΤΕΧΝΙΚΑΙ ΕΚΔΗΛΩΣΕΙΣ ΕΙΣ ΤΗΝ ΦΛΩΡΙΝΑΝ

ΦΛΩΡΙΝΑ, 23.— Συνεχίζονται αἱ ἐκδηλώσεις.

ΦΛΩΡΙΝΑ, 23.— Συνεχίζονται αἱ ἐκδηλώσεις.

ΦΛΩΡΙΝΑ, 23.— Συνεχίζονται αἱ ἐκδηλώσεις.

ΦΛΩΡΙΝΑ, 23.— Συνεχίζονται αἱ ἐκδηλώσεις.

ΦΛΩΡΙΝΑ, 23.— Συνεχίζονται αἱ ἐκδηλώσεις.

Μετά τήν ἀπολογίαν του
ΠΡΟΕΦΥΛΑΚΙΣΘΗ Ο ΓΥΦΤΟΣ ΤΡΑΓΟΥΔΙΣΤΗΣ ΜΕ ΤΗΝ ΚΑΤΗΓΟΡΙΑΝ ΤΗΣ ΟΠΛΟΧΡΗΣΙΑΣ
Εἰς δυσφημιστικούς λόγους ἀπέδωσεν
ἡ ἀνάκριση ἀρχή τόν πυροβολισμόν
ΘΑ ΖΗΤΗΣΗ ΑΠΟΦΥΛΑΚΙΣΙΝ ΕΠΙ ΕΓΓΥΗΣΕΙ

ΑΘΗΝΑΙ, 23.— Ὁ τσιγγάνος τραγουδιστής προεφυλακίσθη μετά τήν ἀπολογίαν του.

ΑΘΗΝΑΙ, 23.— Ὁ τσιγγάνος τραγουδιστής προεφυλακίσθη μετά τήν ἀπολογίαν του.

ΑΘΗΝΑΙ, 23.— Ὁ τσιγγάνος τραγουδιστής προεφυλακίσθη μετά τήν ἀπολογίαν του.

ΑΘΗΝΑΙ, 23.— Ὁ τσιγγάνος τραγουδιστής προεφυλακίσθη μετά τήν ἀπολογίαν του.

ΑΘΗΝΑΙ, 23.— Ὁ τσιγγάνος τραγουδιστής προεφυλακίσθη μετά τήν ἀπολογίαν του.

ΑΘΗΝΑΙ, 23.— Ὁ τσιγγάνος τραγουδιστής προεφυλακίσθη μετά τήν ἀπολογίαν του.
